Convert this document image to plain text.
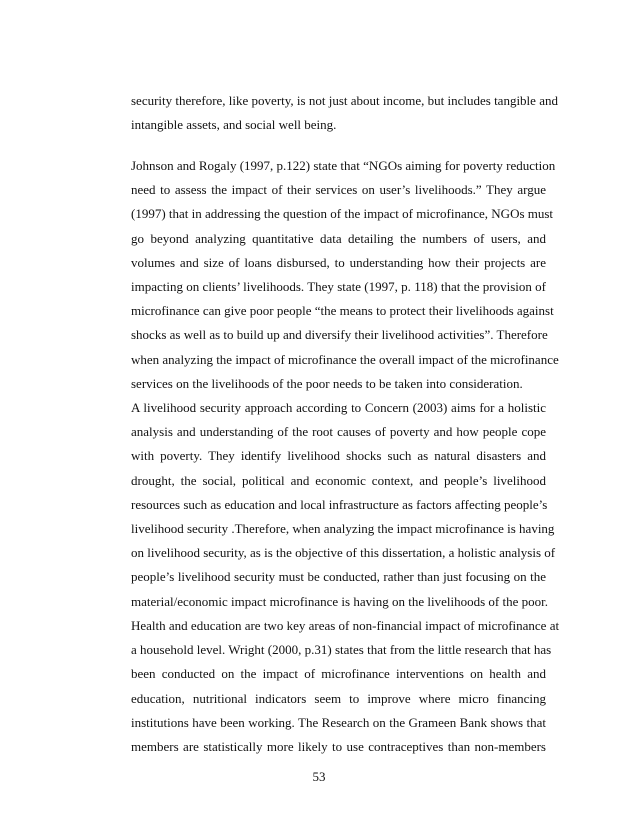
security therefore, like poverty, is not just about income, but includes tangible and
intangible assets, and social well being.
Johnson and Rogaly (1997, p.122) state that “NGOs aiming for poverty reduction
need to assess the impact of their services on user’s livelihoods.” They argue
(1997) that in addressing the question of the impact of microfinance, NGOs must
go beyond analyzing quantitative data detailing the numbers of users, and
volumes and size of loans disbursed, to understanding how their projects are
impacting on clients’ livelihoods. They state (1997, p. 118) that the provision of
microfinance can give poor people “the means to protect their livelihoods against
shocks as well as to build up and diversify their livelihood activities”. Therefore
when analyzing the impact of microfinance the overall impact of the microfinance
services on the livelihoods of the poor needs to be taken into consideration.
A livelihood security approach according to Concern (2003) aims for a holistic
analysis and understanding of the root causes of poverty and how people cope
with poverty. They identify livelihood shocks such as natural disasters and
drought, the social, political and economic context, and people’s livelihood
resources such as education and local infrastructure as factors affecting people’s
livelihood security .Therefore, when analyzing the impact microfinance is having
on livelihood security, as is the objective of this dissertation, a holistic analysis of
people’s livelihood security must be conducted, rather than just focusing on the
material/economic impact microfinance is having on the livelihoods of the poor.
Health and education are two key areas of non-financial impact of microfinance at
a household level. Wright (2000, p.31) states that from the little research that has
been conducted on the impact of microfinance interventions on health and
education, nutritional indicators seem to improve where micro financing
institutions have been working. The Research on the Grameen Bank shows that
members are statistically more likely to use contraceptives than non-members
53
